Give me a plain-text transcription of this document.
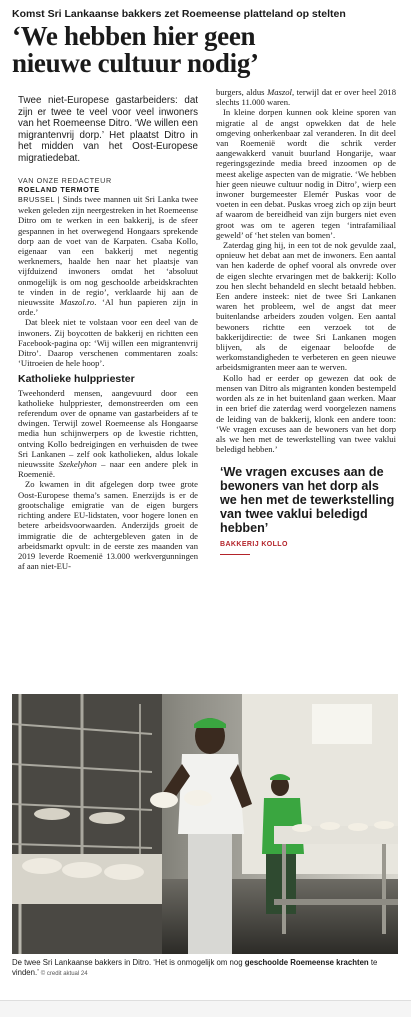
Komst Sri Lankaanse bakkers zet Roemeense platteland op stelten
‘We hebben hier geen
nieuwe cultuur nodig’
Twee niet-Europese gastarbeiders: dat zijn er twee te veel voor veel inwoners van het Roemeense Ditro. ‘We willen een migrantenvrij dorp.’ Het plaatst Ditro in het midden van het Oost-Europese migratiedebat.
VAN ONZE REDACTEUR
ROELAND TERMOTE

BRUSSEL | Sinds twee mannen uit Sri Lanka twee weken geleden zijn neergestreken in het Roemeense Ditro om te werken in een bakkerij, is de sfeer gespannen in het overwegend Hongaars sprekende dorp aan de voet van de Karpaten. Csaba Kollo, eigenaar van een bakkerij met negentig werknemers, haalde hen naar het plaatsje van vijfduizend inwoners omdat het ‘absoluut onmogelijk is om nog geschoolde arbeidskrachten te vinden in de regio’, verklaarde hij aan de nieuwssite Maszol.ro. ‘Al hun papieren zijn in orde.’

Dat bleek niet te volstaan voor een deel van de inwoners. Zij boycotten de bakkerij en richtten een Facebook-pagina op: ‘Wij willen een migrantenvrij Ditro’. Daarop verschenen commentaren zoals: ‘Uitroeien de hele hoop’.

Katholieke hulppriester

Tweehonderd mensen, aangevuurd door een katholieke hulppriester, demonstreerden om een referendum over de opname van gastarbeiders af te dwingen. Terwijl zowel Roemeense als Hongaarse media hun schijnwerpers op de kwestie richtten, ontving Kollo bedreigingen en verhuisden de twee Sri Lankanen – zelf ook katholieken, aldus lokale nieuwssite Szekelyhon – naar een andere plek in Roemenië.

Zo kwamen in dit afgelegen dorp twee grote Oost-Europese thema’s samen. Enerzijds is er de grootschalige emigratie van de eigen burgers richting andere EU-lidstaten, voor hogere lonen en betere arbeidsvoorwaarden. Anderzijds groeit de immigratie die de achtergebleven gaten in de arbeidsmarkt opvult: in de eerste zes maanden van 2019 leverde Roemenië 13.000 werkvergunningen af aan niet-EU-

burgers, aldus Maszol, terwijl dat er over heel 2018 slechts 11.000 waren.

In kleine dorpen kunnen ook kleine sporen van migratie al de angst opwekken dat de hele omgeving onherkenbaar zal veranderen. In dit deel van Roemenië wordt die schrik verder aangewakkerd vanuit buurland Hongarije, waar regeringsgezinde media breed inzoomen op de meest akelige aspecten van de migratie. ‘We hebben hier geen nieuwe cultuur nodig in Ditro’, wierp een inwoner burgemeester Elemér Puskas voor de voeten in een debat. Puskas vroeg zich op zijn beurt af waarom de bereidheid van zijn burgers niet even groot was om te ageren tegen ‘intrafamiliaal geweld’ of ‘het stelen van bomen’.

Zaterdag ging hij, in een tot de nok gevulde zaal, opnieuw het debat aan met de inwoners. Een aantal van hen kaderde de ophef vooral als onvrede over de eigen slechte ervaringen met de bakkerij: Kollo zou hen slecht behandeld en slecht betaald hebben. Een andere insteek: niet de twee Sri Lankanen waren het probleem, wel de angst dat meer buitenlandse arbeiders zouden volgen. Een aantal bewoners richtte een verzoek tot de bakkerijdirectie: de twee Sri Lankanen mogen blijven, als de eigenaar beloofde de werkomstandigheden te verbeteren en geen nieuwe arbeidsmigranten meer aan te werven.

Kollo had er eerder op gewezen dat ook de mensen van Ditro als migranten konden bestempeld worden als ze in het buitenland gaan werken. Maar in een brief die zaterdag werd voorgelezen namens de leiding van de bakkerij, klonk een andere toon: ‘We vragen excuses aan de bewoners van het dorp als we hen met de tewerkstelling van twee vaklui beledigd hebben.’

‘We vragen excuses aan de bewoners van het dorp als we hen met de tewerkstelling van twee vaklui beledigd hebben’
BAKKERIJ KOLLO
De twee Sri Lankaanse bakkers in Ditro. ‘Het is onmogelijk om nog geschoolde Roemeense krachten te vinden.’ © credit aktual 24
